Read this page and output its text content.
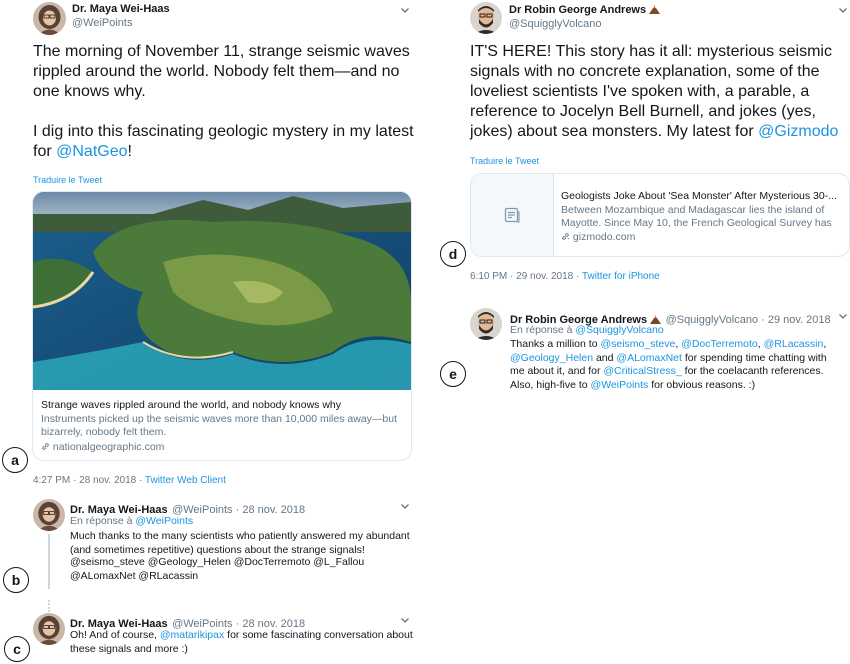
Dr. Maya Wei-Haas
@WeiPoints
The morning of November 11, strange seismic waves rippled around the world. Nobody felt them—and no one knows why.
I dig into this fascinating geologic mystery in my latest for @NatGeo!
Traduire le Tweet
Strange waves rippled around the world, and nobody knows why
Instruments picked up the seismic waves more than 10,000 miles away—but bizarrely, nobody felt them.
nationalgeographic.com
a
4:27 PM · 28 nov. 2018 · Twitter Web Client
Dr. Maya Wei-Haas @WeiPoints · 28 nov. 2018
En réponse à @WeiPoints
Much thanks to the many scientists who patiently answered my abundant (and sometimes repetitive) questions about the strange signals!
@seismo_steve @Geology_Helen @DocTerremoto @L_Fallou @ALomaxNet @RLacassin
b
Dr. Maya Wei-Haas @WeiPoints · 28 nov. 2018
Oh! And of course, @matarikipax for some fascinating conversation about these signals and more :)
c
Dr Robin George Andrews
@SquigglyVolcano
IT'S HERE! This story has it all: mysterious seismic signals with no concrete explanation, some of the loveliest scientists I've spoken with, a parable, a reference to Jocelyn Bell Burnell, and jokes (yes, jokes) about sea monsters. My latest for @Gizmodo
Traduire le Tweet
Geologists Joke About 'Sea Monster' After Mysterious 30-...
Between Mozambique and Madagascar lies the island of Mayotte. Since May 10, the French Geological Survey has ... gizmodo.com
d
6:10 PM · 29 nov. 2018 · Twitter for iPhone
Dr Robin George Andrews @SquigglyVolcano · 29 nov. 2018
En réponse à @SquigglyVolcano
Thanks a million to @seismo_steve, @DocTerremoto, @RLacassin, @Geology_Helen and @ALomaxNet for spending time chatting with me about it, and for @CriticalStress_ for the coelacanth references. Also, high-five to @WeiPoints for obvious reasons. :)
e
